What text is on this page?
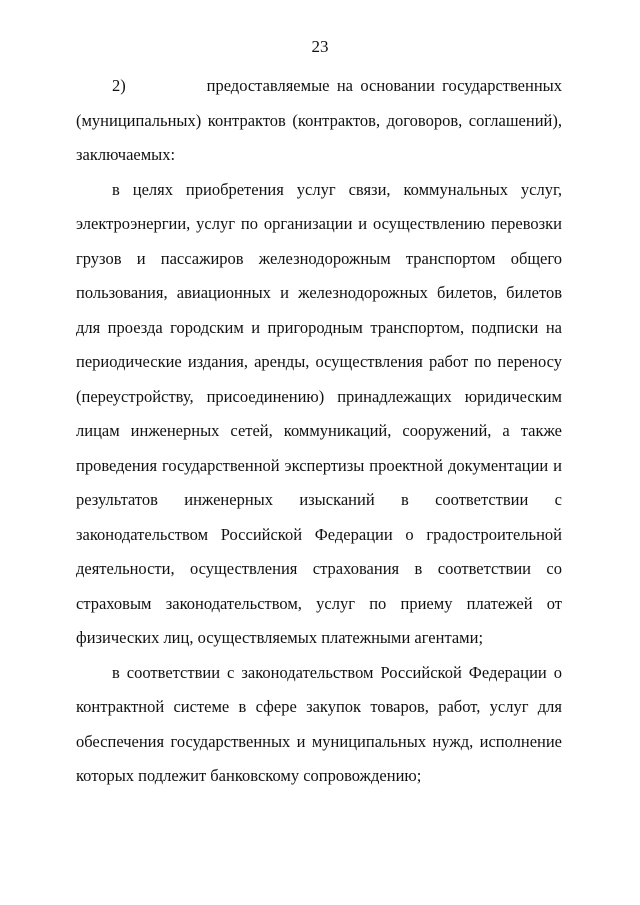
23

2)           предоставляемые на основании государственных (муниципальных) контрактов (контрактов, договоров, соглашений), заключаемых:

в целях приобретения услуг связи, коммунальных услуг, электроэнергии, услуг по организации и осуществлению перевозки грузов и пассажиров железнодорожным транспортом общего пользования, авиационных и железнодорожных билетов, билетов для проезда городским и пригородным транспортом, подписки на периодические издания, аренды, осуществления работ по переносу (переустройству, присоединению) принадлежащих юридическим лицам инженерных сетей, коммуникаций, сооружений, а также проведения государственной экспертизы проектной документации и результатов инженерных изысканий в соответствии с законодательством Российской Федерации о градостроительной деятельности, осуществления страхования в соответствии со страховым законодательством, услуг по приему платежей от физических лиц, осуществляемых платежными агентами;

в соответствии с законодательством Российской Федерации о контрактной системе в сфере закупок товаров, работ, услуг для обеспечения государственных и муниципальных нужд, исполнение которых подлежит банковскому сопровождению;
